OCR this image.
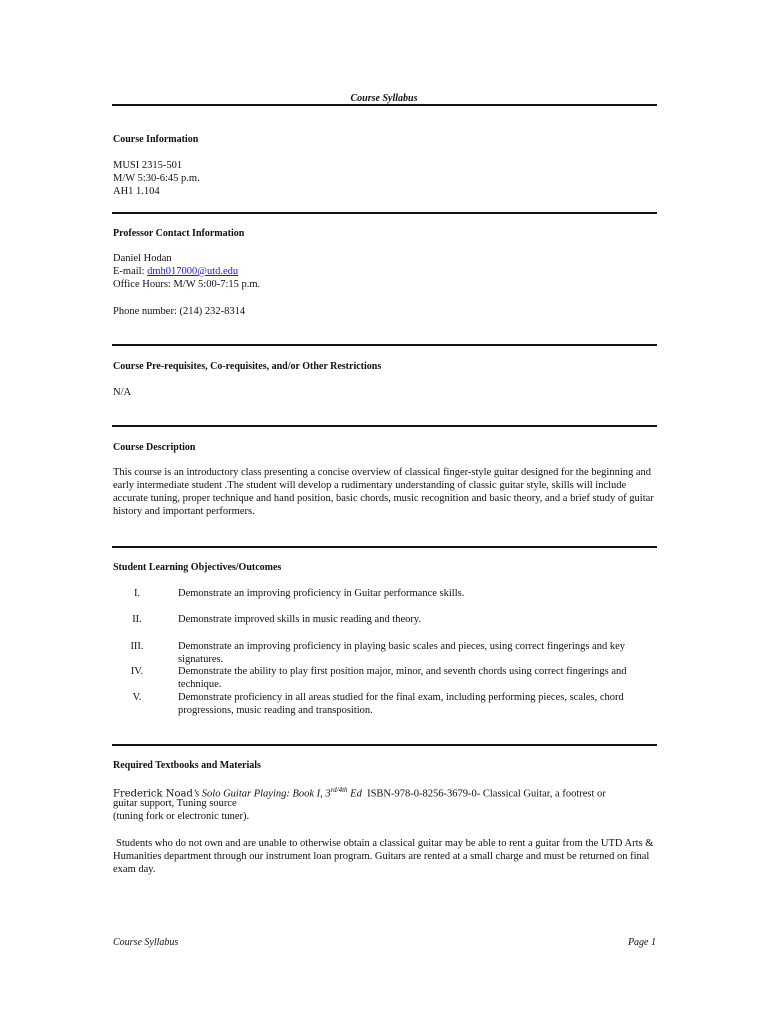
Course Syllabus
Course Information
MUSI 2315-501
M/W 5:30-6:45 p.m.
AH1 1.104
Professor Contact Information
Daniel Hodan
E-mail: dmh017000@utd.edu
Office Hours: M/W 5:00-7:15 p.m.
Phone number: (214) 232-8314
Course Pre-requisites, Co-requisites, and/or Other Restrictions
N/A
Course Description
This course is an introductory class presenting a concise overview of classical finger-style guitar designed for the beginning and early intermediate student .The student will develop a rudimentary understanding of classic guitar style, skills will include accurate tuning, proper technique and hand position, basic chords, music recognition and basic theory, and a brief study of guitar history and important performers.
Student Learning Objectives/Outcomes
I.	Demonstrate an improving proficiency in Guitar performance skills.
II.	Demonstrate improved skills in music reading and theory.
III.	Demonstrate an improving proficiency in playing basic scales and pieces, using correct fingerings and key signatures.
IV.	Demonstrate the ability to play first position major, minor, and seventh chords using correct fingerings and technique.
V.	Demonstrate proficiency in all areas studied for the final exam, including performing pieces, scales, chord progressions, music reading and transposition.
Required Textbooks and Materials
Frederick Noad’s Solo Guitar Playing: Book I, $3^{rd/4th}$ Ed ISBN-978-0-8256-3679-0- Classical Guitar, a footrest or
guitar support, Tuning source
(tuning fork or electronic tuner).
Students who do not own and are unable to otherwise obtain a classical guitar may be able to rent a guitar from the UTD Arts & Humanities department through our instrument loan program. Guitars are rented at a small charge and must be returned on final exam day.
Course Syllabus	Page 1
